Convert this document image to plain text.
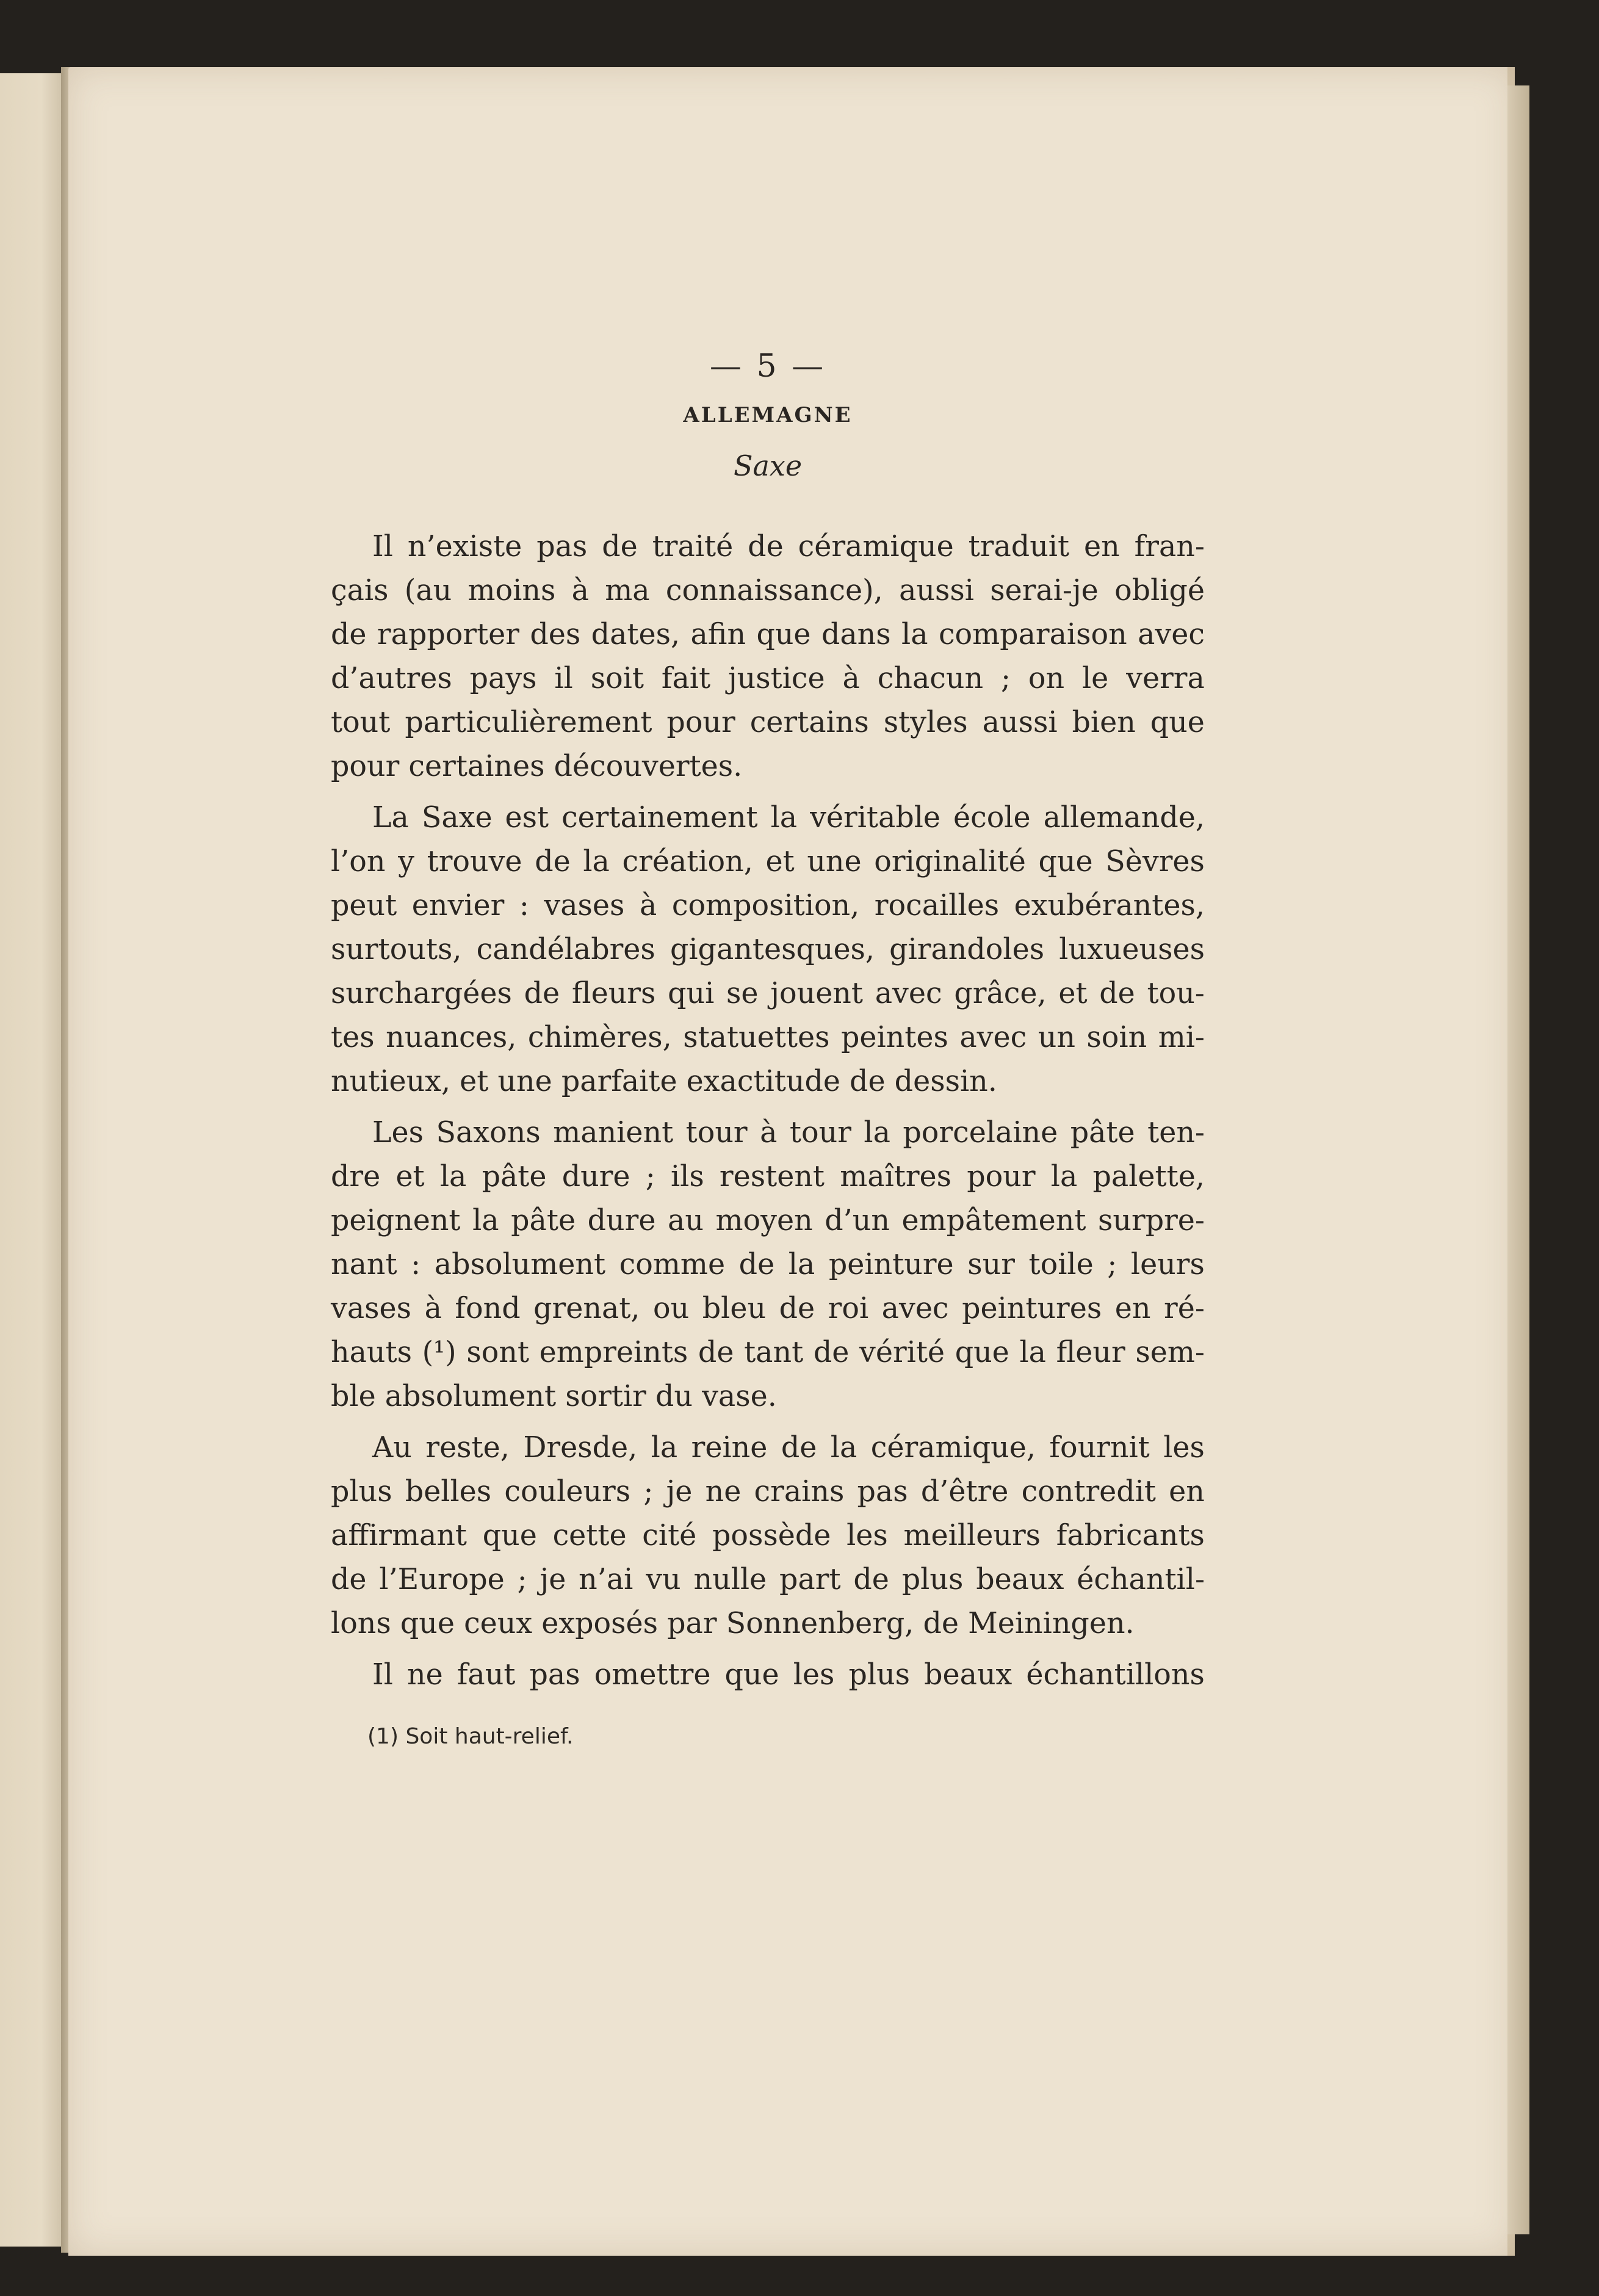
— 5 —
ALLEMAGNE
Saxe
Il n’existe pas de traité de céramique traduit en fran-
çais (au moins à ma connaissance), aussi serai-je obligé
de rapporter des dates, afin que dans la comparaison avec
d’autres pays il soit fait justice à chacun ; on le verra
tout particulièrement pour certains styles aussi bien que
pour certaines découvertes.
La Saxe est certainement la véritable école allemande,
l’on y trouve de la création, et une originalité que Sèvres
peut envier : vases à composition, rocailles exubérantes,
surtouts, candélabres gigantesques, girandoles luxueuses
surchargées de fleurs qui se jouent avec grâce, et de tou-
tes nuances, chimères, statuettes peintes avec un soin mi-
nutieux, et une parfaite exactitude de dessin.
Les Saxons manient tour à tour la porcelaine pâte ten-
dre et la pâte dure ; ils restent maîtres pour la palette,
peignent la pâte dure au moyen d’un empâtement surpre-
nant : absolument comme de la peinture sur toile ; leurs
vases à fond grenat, ou bleu de roi avec peintures en ré-
hauts (¹) sont empreints de tant de vérité que la fleur sem-
ble absolument sortir du vase.
Au reste, Dresde, la reine de la céramique, fournit les
plus belles couleurs ; je ne crains pas d’être contredit en
affirmant que cette cité possède les meilleurs fabricants
de l’Europe ; je n’ai vu nulle part de plus beaux échantil-
lons que ceux exposés par Sonnenberg, de Meiningen.
Il ne faut pas omettre que les plus beaux échantillons
(1) Soit haut-relief.
